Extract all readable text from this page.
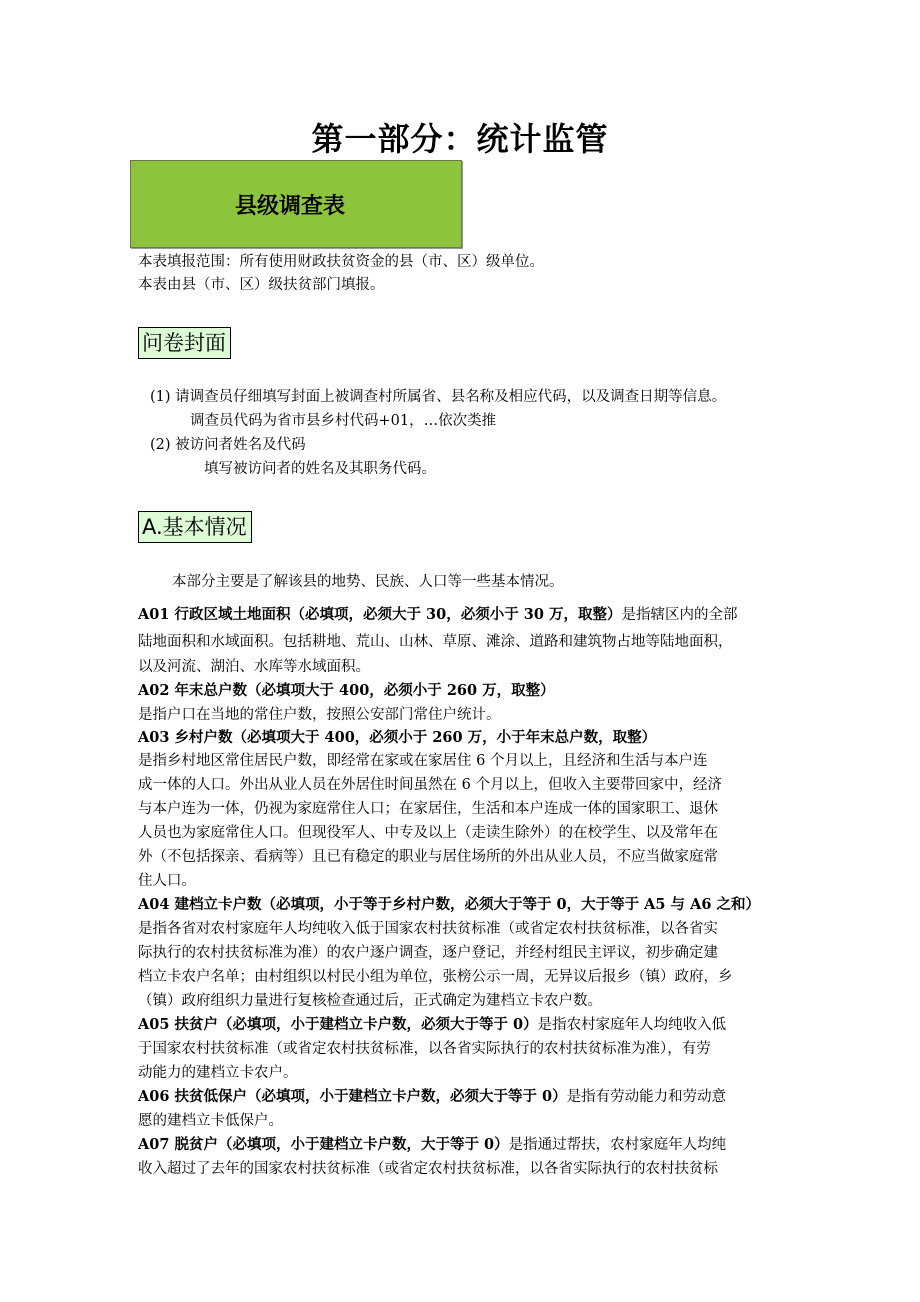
第一部分：统计监管
县级调查表
本表填报范围：所有使用财政扶贫资金的县（市、区）级单位。
本表由县（市、区）级扶贫部门填报。
问卷封面
(1) 请调查员仔细填写封面上被调查村所属省、县名称及相应代码，以及调查日期等信息。
调查员代码为省市县乡村代码+01，…依次类推
(2) 被访问者姓名及代码
填写被访问者的姓名及其职务代码。
A.基本情况
本部分主要是了解该县的地势、民族、人口等一些基本情况。
A01 行政区域土地面积（必填项，必须大于 30，必须小于 30 万，取整）是指辖区内的全部
陆地面积和水域面积。包括耕地、荒山、山林、草原、滩涂、道路和建筑物占地等陆地面积，
以及河流、湖泊、水库等水域面积。
A02 年末总户数（必填项大于 400，必须小于 260 万，取整）
是指户口在当地的常住户数，按照公安部门常住户统计。
A03 乡村户数（必填项大于 400，必须小于 260 万，小于年末总户数，取整）
是指乡村地区常住居民户数，即经常在家或在家居住 6 个月以上，且经济和生活与本户连
成一体的人口。外出从业人员在外居住时间虽然在 6 个月以上，但收入主要带回家中，经济
与本户连为一体，仍视为家庭常住人口；在家居住，生活和本户连成一体的国家职工、退休
人员也为家庭常住人口。但现役军人、中专及以上（走读生除外）的在校学生、以及常年在
外（不包括探亲、看病等）且已有稳定的职业与居住场所的外出从业人员，不应当做家庭常
住人口。
A04 建档立卡户数（必填项，小于等于乡村户数，必须大于等于 0，大于等于 A5 与 A6 之和）
是指各省对农村家庭年人均纯收入低于国家农村扶贫标准（或省定农村扶贫标准，以各省实
际执行的农村扶贫标准为准）的农户逐户调查，逐户登记，并经村组民主评议，初步确定建
档立卡农户名单；由村组织以村民小组为单位，张榜公示一周，无异议后报乡（镇）政府，乡
（镇）政府组织力量进行复核检查通过后，正式确定为建档立卡农户数。
A05 扶贫户（必填项，小于建档立卡户数，必须大于等于 0）是指农村家庭年人均纯收入低
于国家农村扶贫标准（或省定农村扶贫标准，以各省实际执行的农村扶贫标准为准），有劳
动能力的建档立卡农户。
A06 扶贫低保户（必填项，小于建档立卡户数，必须大于等于 0）是指有劳动能力和劳动意
愿的建档立卡低保户。
A07 脱贫户（必填项，小于建档立卡户数，大于等于 0）是指通过帮扶，农村家庭年人均纯
收入超过了去年的国家农村扶贫标准（或省定农村扶贫标准，以各省实际执行的农村扶贫标
